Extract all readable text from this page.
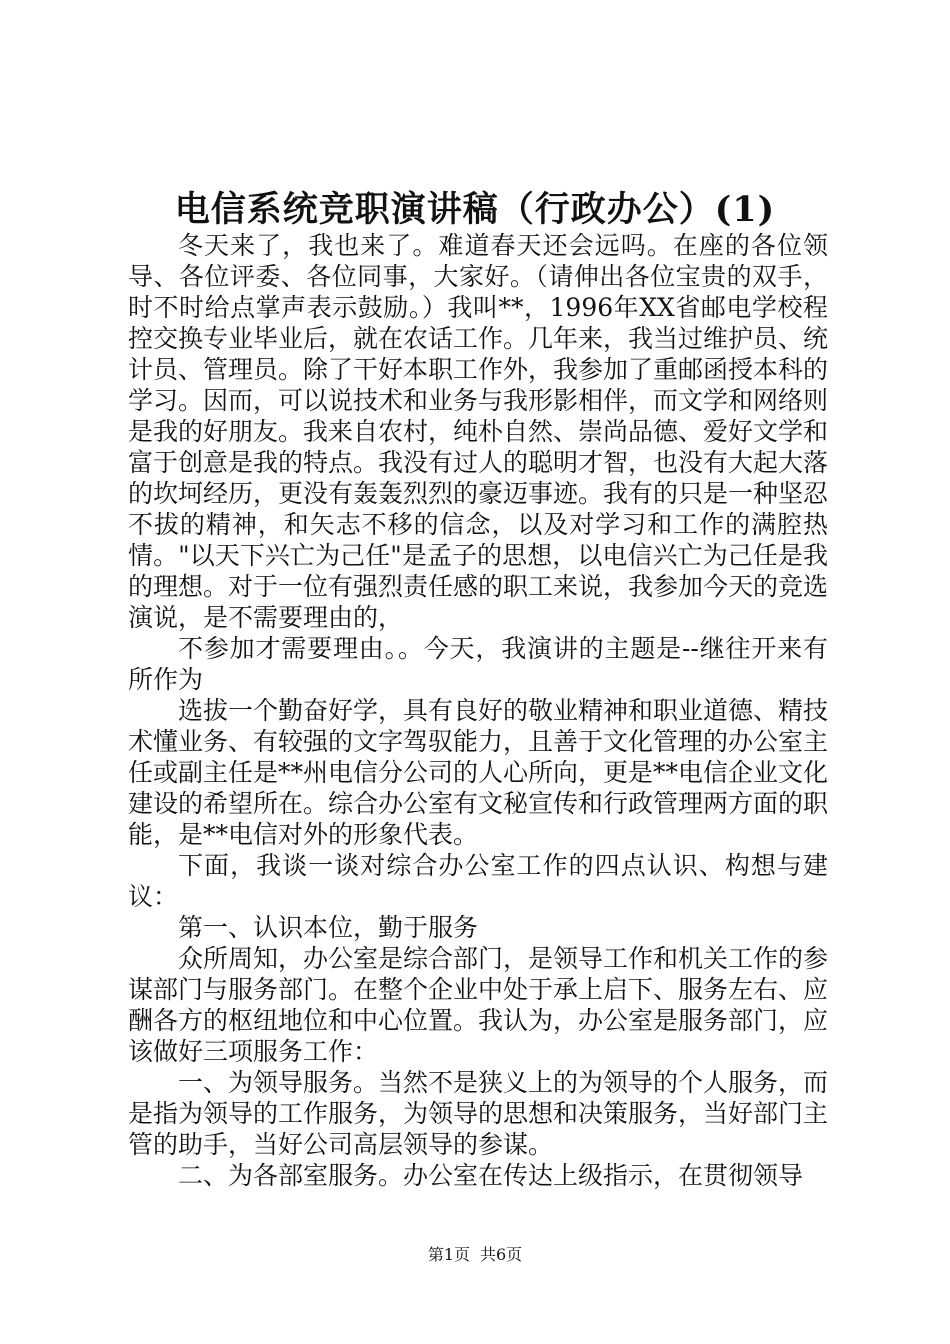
电信系统竞职演讲稿（行政办公）(1)

冬天来了，我也来了。难道春天还会远吗。在座的各位领导、各位评委、各位同事，大家好。（请伸出各位宝贵的双手，时不时给点掌声表示鼓励。）我叫**，1996年XX省邮电学校程控交换专业毕业后，就在农话工作。几年来，我当过维护员、统计员、管理员。除了干好本职工作外，我参加了重邮函授本科的学习。因而，可以说技术和业务与我形影相伴，而文学和网络则是我的好朋友。我来自农村，纯朴自然、崇尚品德、爱好文学和富于创意是我的特点。我没有过人的聪明才智，也没有大起大落的坎坷经历，更没有轰轰烈烈的豪迈事迹。我有的只是一种坚忍不拔的精神，和矢志不移的信念，以及对学习和工作的满腔热情。"以天下兴亡为己任"是孟子的思想，以电信兴亡为己任是我的理想。对于一位有强烈责任感的职工来说，我参加今天的竞选演说，是不需要理由的，

不参加才需要理由。。今天，我演讲的主题是--继往开来有所作为

选拔一个勤奋好学，具有良好的敬业精神和职业道德、精技术懂业务、有较强的文字驾驭能力，且善于文化管理的办公室主任或副主任是**州电信分公司的人心所向，更是**电信企业文化建设的希望所在。综合办公室有文秘宣传和行政管理两方面的职能，是**电信对外的形象代表。

下面，我谈一谈对综合办公室工作的四点认识、构想与建议：

第一、认识本位，勤于服务

众所周知，办公室是综合部门，是领导工作和机关工作的参谋部门与服务部门。在整个企业中处于承上启下、服务左右、应酬各方的枢纽地位和中心位置。我认为，办公室是服务部门，应该做好三项服务工作：

一、为领导服务。当然不是狭义上的为领导的个人服务，而是指为领导的工作服务，为领导的思想和决策服务，当好部门主管的助手，当好公司高层领导的参谋。

二、为各部室服务。办公室在传达上级指示，在贯彻领导

第1页 共6页
